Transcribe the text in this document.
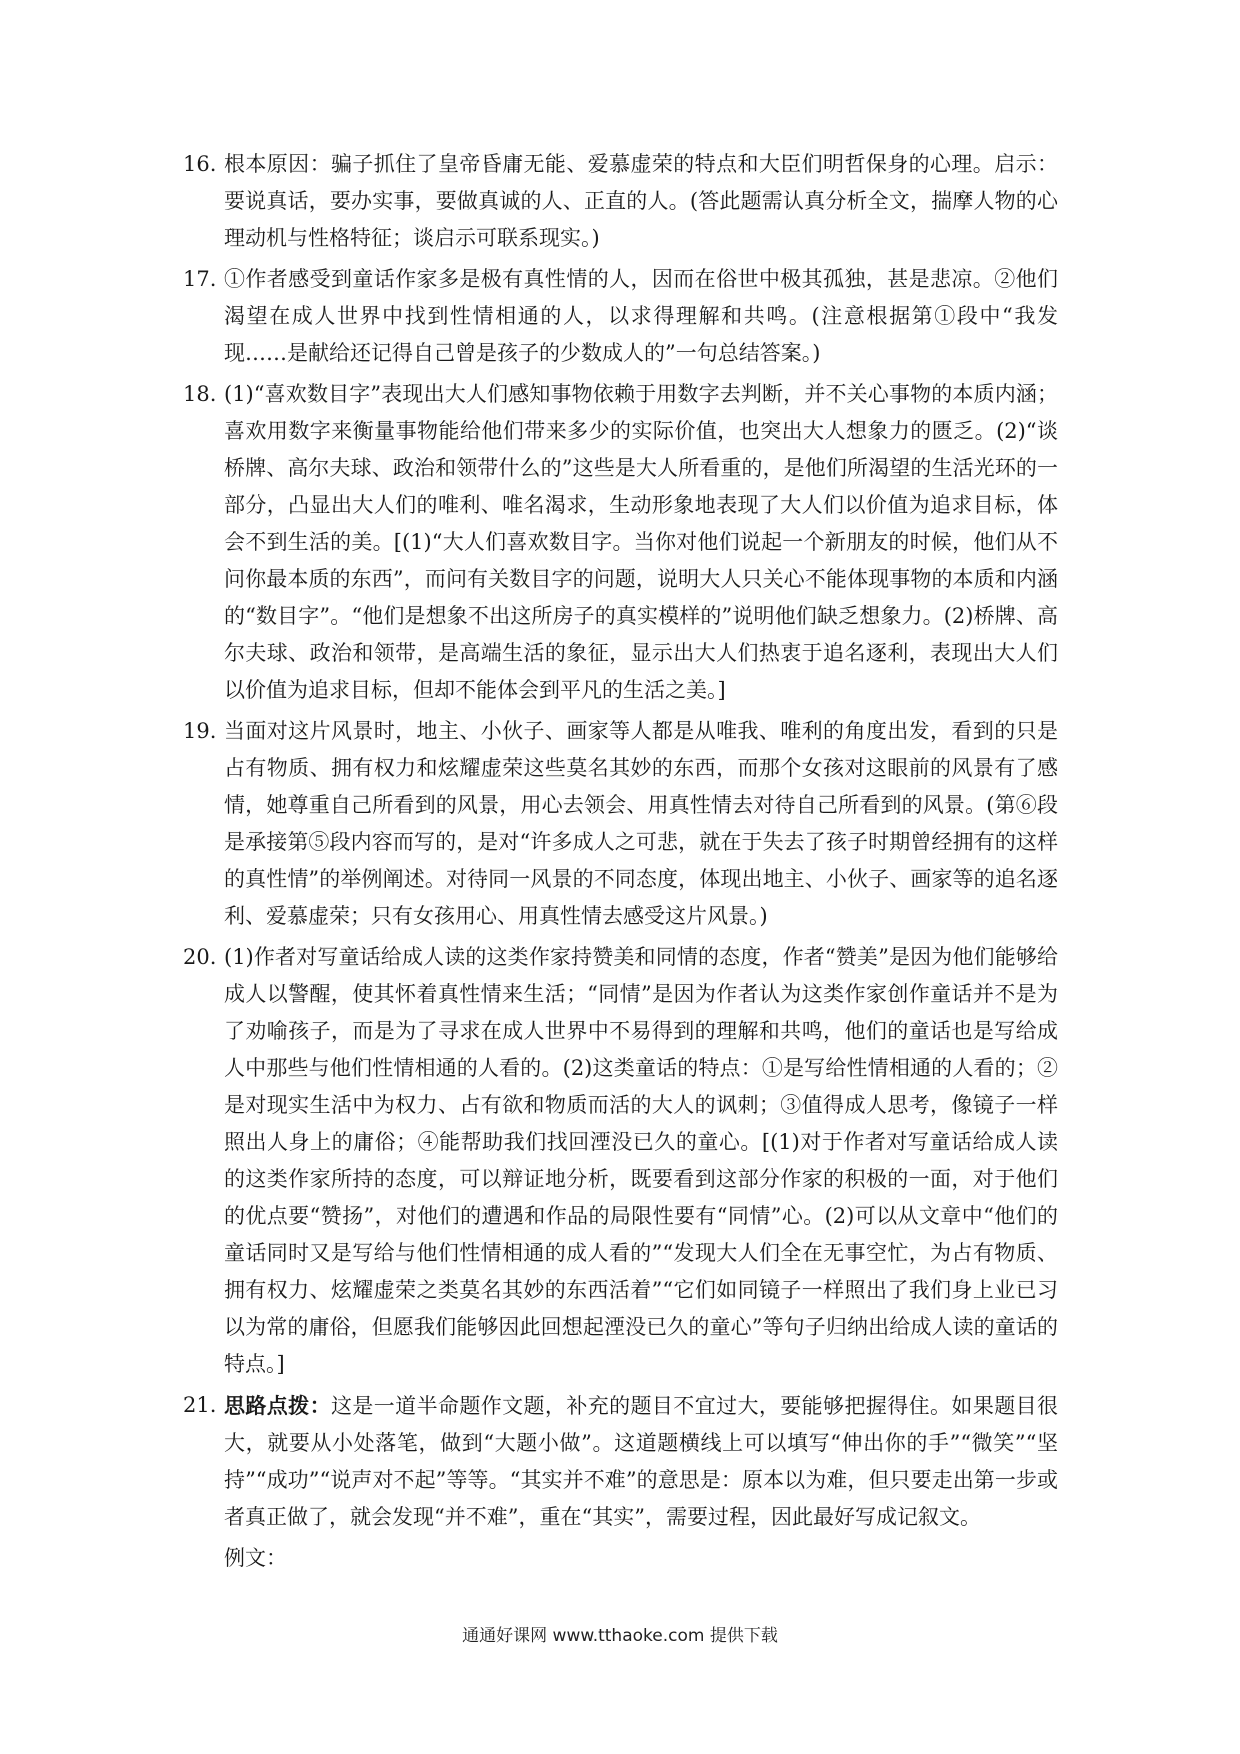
16. 根本原因：骗子抓住了皇帝昏庸无能、爱慕虚荣的特点和大臣们明哲保身的心理。启示：要说真话，要办实事，要做真诚的人、正直的人。(答此题需认真分析全文，揣摩人物的心理动机与性格特征；谈启示可联系现实。)
17. ①作者感受到童话作家多是极有真性情的人，因而在俗世中极其孤独，甚是悲凉。②他们渴望在成人世界中找到性情相通的人，以求得理解和共鸣。(注意根据第①段中“我发现……是献给还记得自己曾是孩子的少数成人的”一句总结答案。)
18. (1)“喜欢数目字”表现出大人们感知事物依赖于用数字去判断，并不关心事物的本质内涵；喜欢用数字来衡量事物能给他们带来多少的实际价值，也突出大人想象力的匮乏。(2)“谈桥牌、高尔夫球、政治和领带什么的”这些是大人所看重的，是他们所渴望的生活光环的一部分，凸显出大人们的唯利、唯名渴求，生动形象地表现了大人们以价值为追求目标，体会不到生活的美。[(1)“大人们喜欢数目字。当你对他们说起一个新朋友的时候，他们从不问你最本质的东西”，而问有关数目字的问题，说明大人只关心不能体现事物的本质和内涵的“数目字”。“他们是想象不出这所房子的真实模样的”说明他们缺乏想象力。(2)桥牌、高尔夫球、政治和领带，是高端生活的象征，显示出大人们热衷于追名逐利，表现出大人们以价值为追求目标，但却不能体会到平凡的生活之美。]
19. 当面对这片风景时，地主、小伙子、画家等人都是从唯我、唯利的角度出发，看到的只是占有物质、拥有权力和炫耀虚荣这些莫名其妙的东西，而那个女孩对这眼前的风景有了感情，她尊重自己所看到的风景，用心去领会、用真性情去对待自己所看到的风景。(第⑥段是承接第⑤段内容而写的，是对“许多成人之可悲，就在于失去了孩子时期曾经拥有的这样的真性情”的举例阐述。对待同一风景的不同态度，体现出地主、小伙子、画家等的追名逐利、爱慕虚荣；只有女孩用心、用真性情去感受这片风景。)
20. (1)作者对写童话给成人读的这类作家持赞美和同情的态度，作者“赞美”是因为他们能够给成人以警醒，使其怀着真性情来生活；“同情”是因为作者认为这类作家创作童话并不是为了劝喻孩子，而是为了寻求在成人世界中不易得到的理解和共鸣，他们的童话也是写给成人中那些与他们性情相通的人看的。(2)这类童话的特点：①是写给性情相通的人看的；②是对现实生活中为权力、占有欲和物质而活的大人的讽刺；③值得成人思考，像镜子一样照出人身上的庸俗；④能帮助我们找回湮没已久的童心。[(1)对于作者对写童话给成人读的这类作家所持的态度，可以辩证地分析，既要看到这部分作家的积极的一面，对于他们的优点要“赞扬”，对他们的遭遇和作品的局限性要有“同情”心。(2)可以从文章中“他们的童话同时又是写给与他们性情相通的成人看的”“发现大人们全在无事空忙，为占有物质、拥有权力、炫耀虚荣之类莫名其妙的东西活着”“它们如同镜子一样照出了我们身上业已习以为常的庸俗，但愿我们能够因此回想起湮没已久的童心”等句子归纳出给成人读的童话的特点。]
21. 思路点拨：这是一道半命题作文题，补充的题目不宜过大，要能够把握得住。如果题目很大，就要从小处落笔，做到“大题小做”。这道题横线上可以填写“伸出你的手”“微笑”“坚持”“成功”“说声对不起”等等。“其实并不难”的意思是：原本以为难，但只要走出第一步或者真正做了，就会发现“并不难”，重在“其实”，需要过程，因此最好写成记叙文。
例文：
通通好课网 www.tthaoke.com 提供下载
